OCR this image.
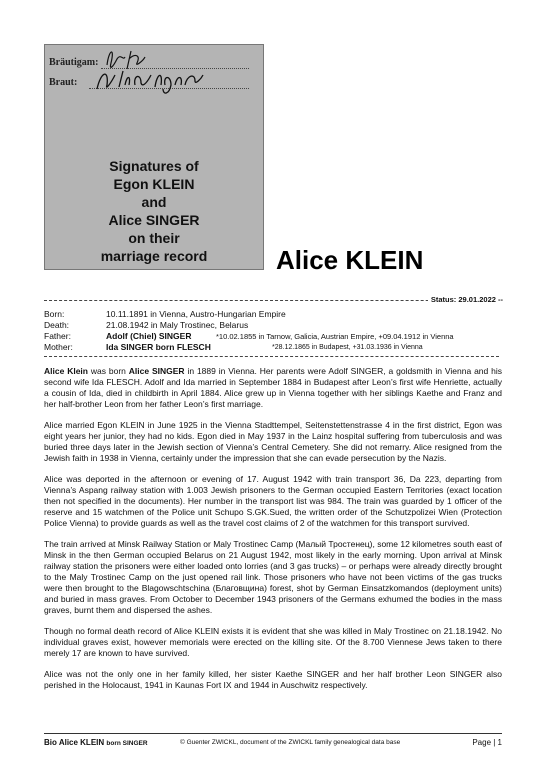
Bräutigam:
Braut:
Signatures of
Egon KLEIN
and
Alice SINGER
on their
marriage record	Alice KLEIN
Status: 29.01.2022 --
Born:	10.11.1891 in Vienna, Austro-Hungarian Empire
Death:	21.08.1942 in Maly Trostinec, Belarus
Father:	Adolf (Chiel) SINGER	*10.02.1855 in Tarnow, Galicia, Austrian Empire, +09.04.1912 in Vienna
Mother:	Ida SINGER born FLESCH	*28.12.1865 in Budapest, +31.03.1936 in Vienna

Alice Klein was born Alice SINGER in 1889 in Vienna. Her parents were Adolf SINGER, a goldsmith in Vienna and his second wife Ida FLESCH. Adolf and Ida married in September 1884 in Budapest after Leon’s first wife Henriette, actually a cousin of Ida, died in childbirth in April 1884. Alice grew up in Vienna together with her siblings Kaethe and Franz and her half-brother Leon from her father Leon’s first marriage.

Alice married Egon KLEIN in June 1925 in the Vienna Stadttempel, Seitenstettenstrasse 4 in the first district, Egon was eight years her junior, they had no kids. Egon died in May 1937 in the Lainz hospital suffering from tuberculosis and was buried three days later in the Jewish section of Vienna’s Central Cemetery. She did not remarry. Alice resigned from the Jewish faith in 1938 in Vienna, certainly under the impression that she can evade persecution by the Nazis.

Alice was deported in the afternoon or evening of 17. August 1942 with train transport 36, Da 223, departing from Vienna’s Aspang railway station with 1.003 Jewish prisoners to the German occupied Eastern Territories (exact location then not specified in the documents). Her number in the transport list was 984. The train was guarded by 1 officer of the reserve and 15 watchmen of the Police unit Schupo S.GK.Sued, the written order of the Schutzpolizei Wien (Protection Police Vienna) to provide guards as well as the travel cost claims of 2 of the watchmen for this transport survived.

The train arrived at Minsk Railway Station or Maly Trostinec Camp (Малый Тростенец), some 12 kilometres south east of Minsk in the then German occupied Belarus on 21 August 1942, most likely in the early morning. Upon arrival at Minsk railway station the prisoners were either loaded onto lorries (and 3 gas trucks) – or perhaps were already directly brought to the Maly Trostinec Camp on the just opened rail link. Those prisoners who have not been victims of the gas trucks were then brought to the Blagowschtschina (Благовщина) forest, shot by German Einsatzkomandos (deployment units) and buried in mass graves. From October to December 1943 prisoners of the Germans exhumed the bodies in the mass graves, burnt them and dispersed the ashes.

Though no formal death record of Alice KLEIN exists it is evident that she was killed in Maly Trostinec on 21.18.1942. No individual graves exist, however memorials were erected on the killing site. Of the 8.700 Viennese Jews taken to there merely 17 are known to have survived.

Alice was not the only one in her family killed, her sister Kaethe SINGER and her half brother Leon SINGER also perished in the Holocaust, 1941 in Kaunas Fort IX and 1944 in Auschwitz respectively.

Bio Alice KLEIN born SINGER	© Guenter ZWICKL, document of the ZWICKL family genealogical data base	Page | 1
